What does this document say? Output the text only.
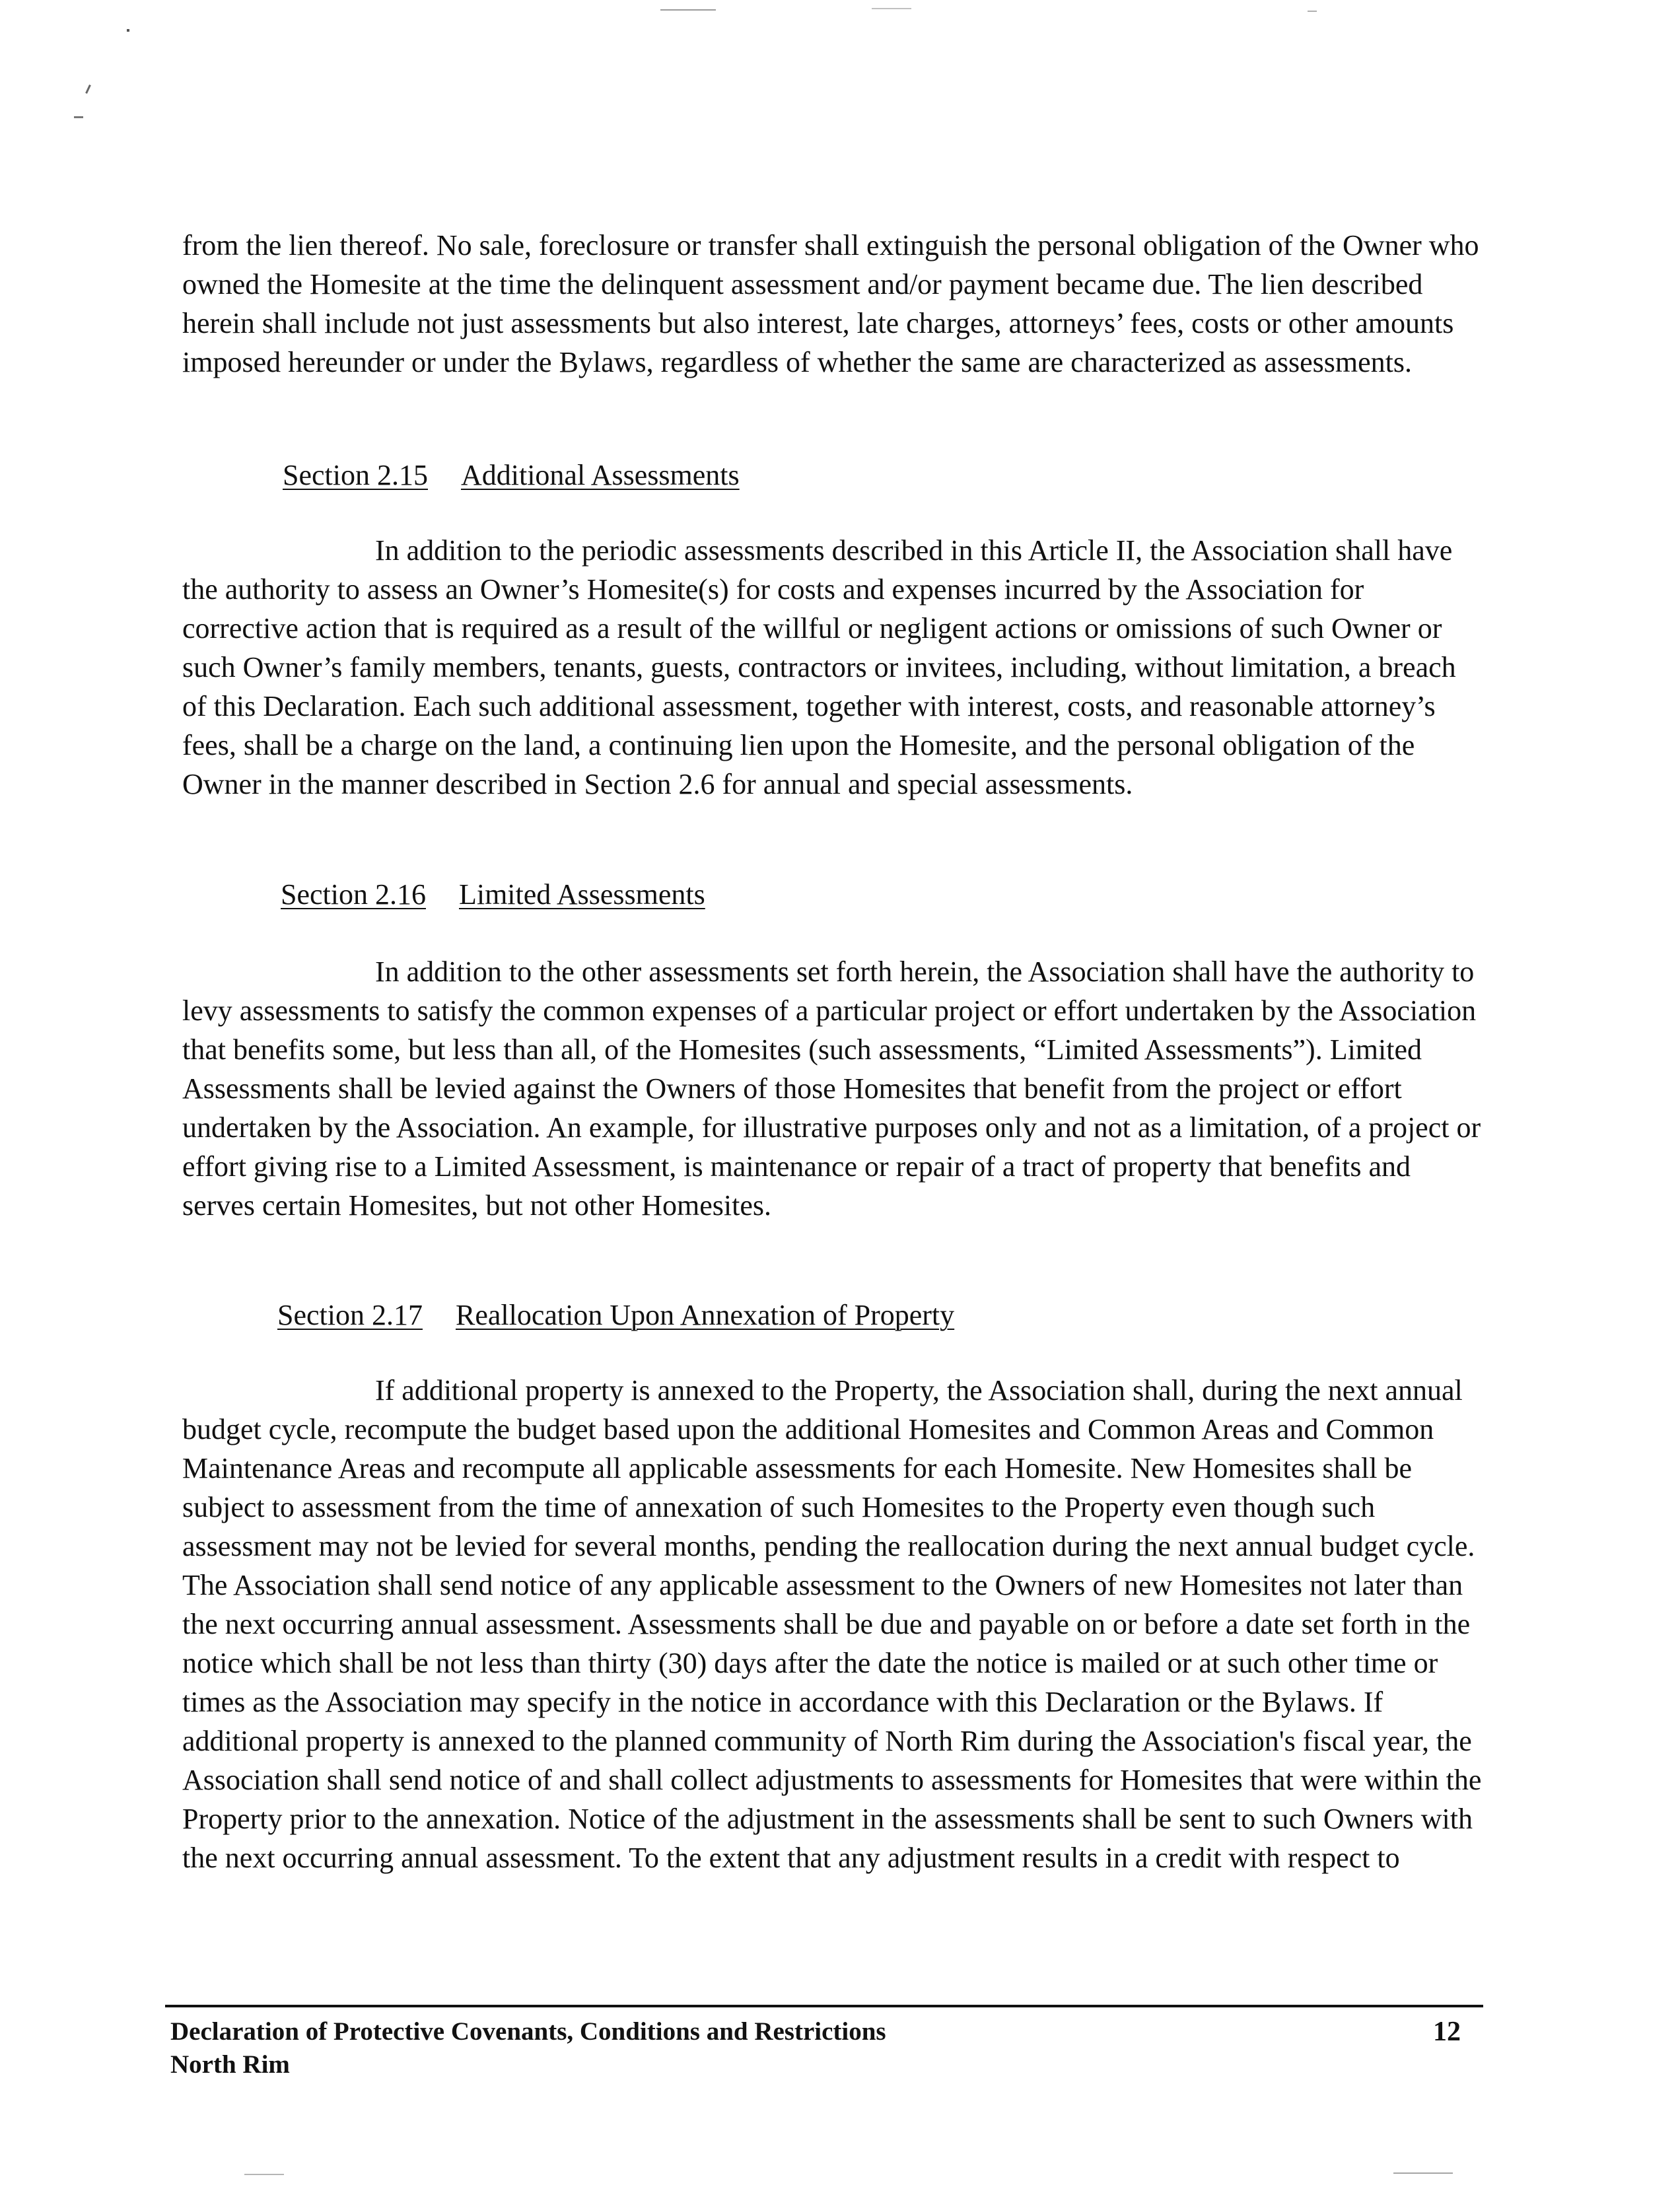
from the lien thereof. No sale, foreclosure or transfer shall extinguish the personal obligation of the Owner who owned the Homesite at the time the delinquent assessment and/or payment became due. The lien described herein shall include not just assessments but also interest, late charges, attorneys’ fees, costs or other amounts imposed hereunder or under the Bylaws, regardless of whether the same are characterized as assessments.

Section 2.15 Additional Assessments

In addition to the periodic assessments described in this Article II, the Association shall have the authority to assess an Owner’s Homesite(s) for costs and expenses incurred by the Association for corrective action that is required as a result of the willful or negligent actions or omissions of such Owner or such Owner’s family members, tenants, guests, contractors or invitees, including, without limitation, a breach of this Declaration. Each such additional assessment, together with interest, costs, and reasonable attorney’s fees, shall be a charge on the land, a continuing lien upon the Homesite, and the personal obligation of the Owner in the manner described in Section 2.6 for annual and special assessments.

Section 2.16 Limited Assessments

In addition to the other assessments set forth herein, the Association shall have the authority to levy assessments to satisfy the common expenses of a particular project or effort undertaken by the Association that benefits some, but less than all, of the Homesites (such assessments, “Limited Assessments”). Limited Assessments shall be levied against the Owners of those Homesites that benefit from the project or effort undertaken by the Association. An example, for illustrative purposes only and not as a limitation, of a project or effort giving rise to a Limited Assessment, is maintenance or repair of a tract of property that benefits and serves certain Homesites, but not other Homesites.

Section 2.17 Reallocation Upon Annexation of Property

If additional property is annexed to the Property, the Association shall, during the next annual budget cycle, recompute the budget based upon the additional Homesites and Common Areas and Common Maintenance Areas and recompute all applicable assessments for each Homesite. New Homesites shall be subject to assessment from the time of annexation of such Homesites to the Property even though such assessment may not be levied for several months, pending the reallocation during the next annual budget cycle. The Association shall send notice of any applicable assessment to the Owners of new Homesites not later than the next occurring annual assessment. Assessments shall be due and payable on or before a date set forth in the notice which shall be not less than thirty (30) days after the date the notice is mailed or at such other time or times as the Association may specify in the notice in accordance with this Declaration or the Bylaws. If additional property is annexed to the planned community of North Rim during the Association's fiscal year, the Association shall send notice of and shall collect adjustments to assessments for Homesites that were within the Property prior to the annexation. Notice of the adjustment in the assessments shall be sent to such Owners with the next occurring annual assessment. To the extent that any adjustment results in a credit with respect to

Declaration of Protective Covenants, Conditions and Restrictions
North Rim

12
